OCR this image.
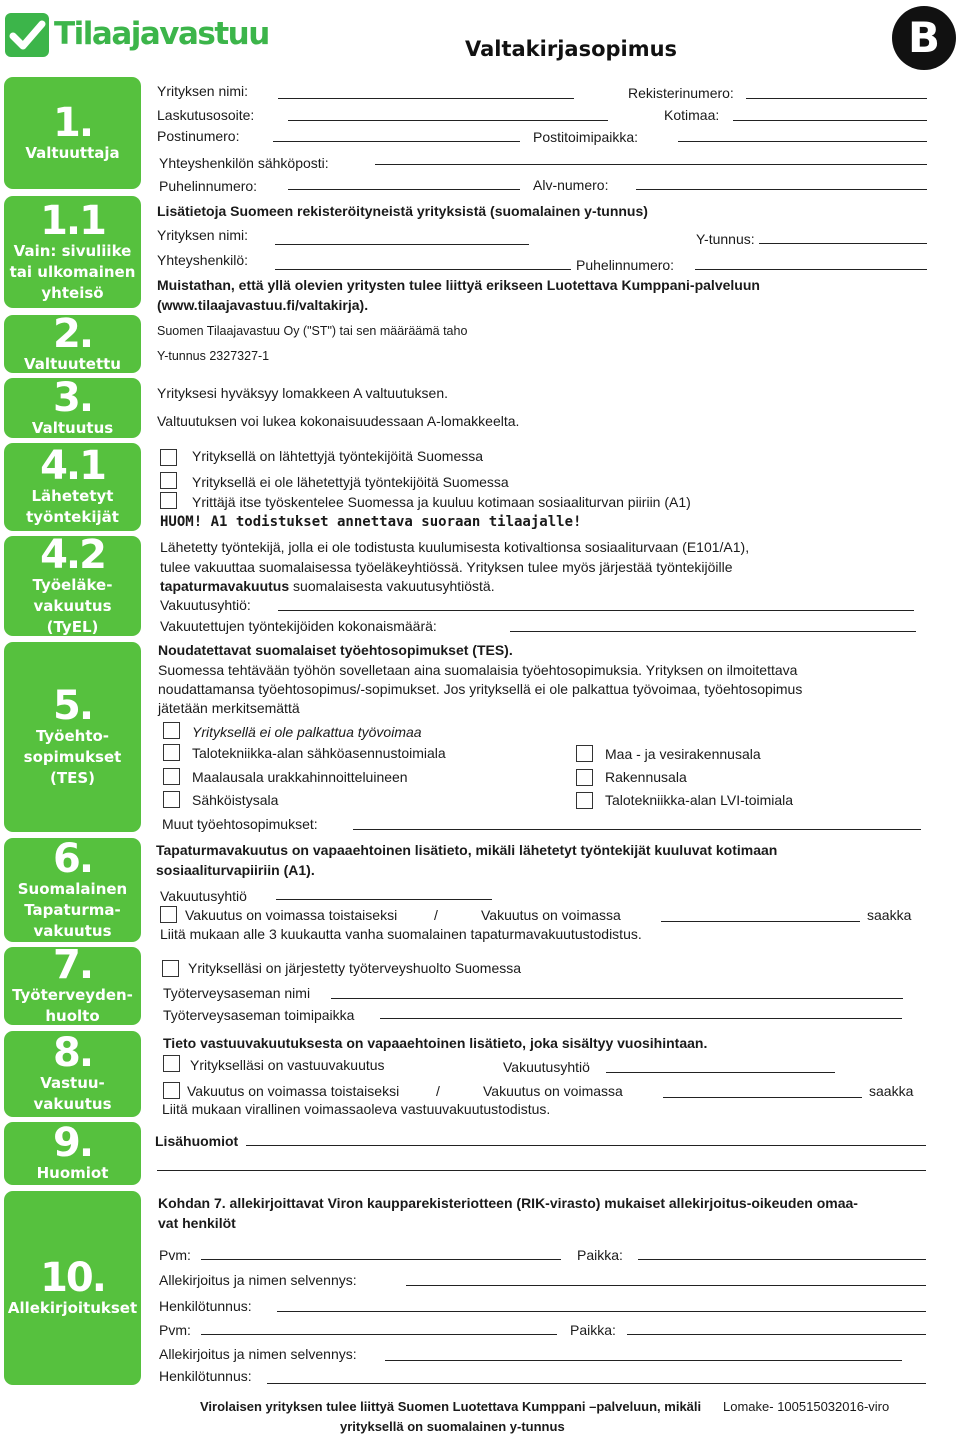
Tilaajavastuu	B
Valtakirjasopimus
1.
Valtuuttaja
1.1
Vain: sivuliike
tai ulkomainen
yhteisö
2.
Valtuutettu
3.
Valtuutus
4.1
Lähetetyt
työntekijät
4.2
Työeläke-
vakuutus
(TyEL)
5.
Työehto-
sopimukset
(TES)
6.
Suomalainen
Tapaturma-
vakuutus
7.
Työterveyden-
huolto
8.
Vastuu-
vakuutus
9.
Huomiot
10.
Allekirjoitukset
Yrityksen nimi:	Rekisterinumero:
Laskutusosoite:	Kotimaa:
Postinumero:	Postitoimipaikka:
Yhteyshenkilön sähköposti:
Puhelinnumero:	Alv-numero:
Lisätietoja Suomeen rekisteröityneistä yrityksistä (suomalainen y-tunnus)
Yrityksen nimi:	Y-tunnus:
Yhteyshenkilö:	Puhelinnumero:
Muistathan, että yllä olevien yritysten tulee liittyä erikseen Luotettava Kumppani-palveluun
(www.tilaajavastuu.fi/valtakirja).
Suomen Tilaajavastuu Oy ("ST") tai sen määräämä taho
Y-tunnus 2327327-1
Yrityksesi hyväksyy lomakkeen A valtuutuksen.
Valtuutuksen voi lukea kokonaisuudessaan A-lomakkeelta.
Yrityksellä on lähtettyjä työntekijöitä Suomessa
Yrityksellä ei ole lähetettyjä työntekijöitä Suomessa
Yrittäjä itse työskentelee Suomessa ja kuuluu kotimaan sosiaaliturvan piiriin (A1)
HUOM! A1 todistukset annettava suoraan tilaajalle!
Lähetetty työntekijä, jolla ei ole todistusta kuulumisesta kotivaltionsa sosiaaliturvaan (E101/A1),
tulee vakuuttaa suomalaisessa työeläkeyhtiössä. Yrityksen tulee myös järjestää työntekijöille
tapaturmavakuutus suomalaisesta vakuutusyhtiöstä.
Vakuutusyhtiö:
Vakuutettujen työntekijöiden kokonaismäärä:
Noudatettavat suomalaiset työehtosopimukset (TES).
Suomessa tehtävään työhön sovelletaan aina suomalaisia työehtosopimuksia. Yrityksen on ilmoitettava
noudattamansa työehtosopimus/-sopimukset. Jos yrityksellä ei ole palkattua työvoimaa, työehtosopimus
jätetään merkitsemättä
Yrityksellä ei ole palkattua työvoimaa
Talotekniikka-alan sähköasennustoimiala	Maa - ja vesirakennusala
Maalausala urakkahinnoitteluineen	Rakennusala
Sähköistysala	Talotekniikka-alan LVI-toimiala
Muut työehtosopimukset:
Tapaturmavakuutus on vapaaehtoinen lisätieto, mikäli lähetetyt työntekijät kuuluvat kotimaan
sosiaaliturvapiiriin (A1).
Vakuutusyhtiö
Vakuutus on voimassa toistaiseksi	/	Vakuutus on voimassa	saakka
Liitä mukaan alle 3 kuukautta vanha suomalainen tapaturmavakuutustodistus.
Yritykselläsi on järjestetty työterveyshuolto Suomessa
Työterveysaseman nimi
Työterveysaseman toimipaikka
Tieto vastuuvakuutuksesta on vapaaehtoinen lisätieto, joka sisältyy vuosihintaan.
Yritykselläsi on vastuuvakuutus	Vakuutusyhtiö
Vakuutus on voimassa toistaiseksi	/	Vakuutus on voimassa	saakka
Liitä mukaan virallinen voimassaoleva vastuuvakuutustodistus.
Lisähuomiot
Kohdan 7. allekirjoittavat Viron kaupparekisteriotteen (RIK-virasto) mukaiset allekirjoitus-oikeuden omaa-
vat henkilöt
Pvm:	Paikka:
Allekirjoitus ja nimen selvennys:
Henkilötunnus:
Pvm:	Paikka:
Allekirjoitus ja nimen selvennys:
Henkilötunnus:
Virolaisen yrityksen tulee liittyä Suomen Luotettava Kumppani –palveluun, mikäli
yrityksellä on suomalainen y-tunnus
Lomake- 100515032016-viro
